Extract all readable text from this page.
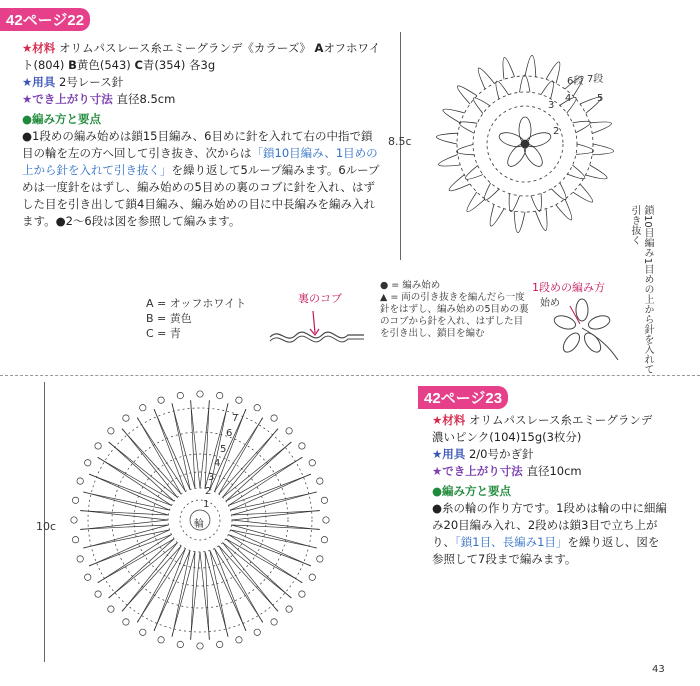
42ページ22
★材料 オリムパスレース糸エミーグランデ《カラーズ》 Aオフホワイト(804) B黄色(543) C青(354) 各3g
★用具 2号レース針
★でき上がり寸法 直径8.5cm
●編み方と要点
●1段めの編み始めは鎖15目編み、6目めに針を入れて右の中指で鎖目の輪を左の方へ回して引き抜き、次からは「鎖10目編み、1目めの上から針を入れて引き抜く」を繰り返して5ループ編みます。6ループめは一度針をはずし、編み始めの5目めの裏のコブに針を入れ、はずした目を引き出して鎖4目編み、編み始めの目に中長編みを編み入れます。●2〜6段は図を参照して編みます。
8.5c
7段
6段
5
4
3
2
A = オッフホワイト
B = 黄色
C = 青
裏のコブ
● = 編み始め
▲ = 両の引き抜きを編んだら一度針をはずし、編み始めの5目めの裏のコブから針を入れ、はずした目を引き出し、鎖目を編む
1段めの編み方
始め	鎖10目編み1目めの上から針を入れて引き抜く
10c	輪
7
6
5
4
3
2
1
42ページ23
★材料 オリムパスレース糸エミーグランデ
濃いピンク(104)15g(3枚分)
★用具 2/0号かぎ針
★でき上がり寸法 直径10cm
●編み方と要点
●糸の輪の作り方です。1段めは輪の中に細編み20目編み入れ、2段めは鎖3目で立ち上がり、「鎖1目、長編み1目」を繰り返し、図を参照して7段まで編みます。
43
